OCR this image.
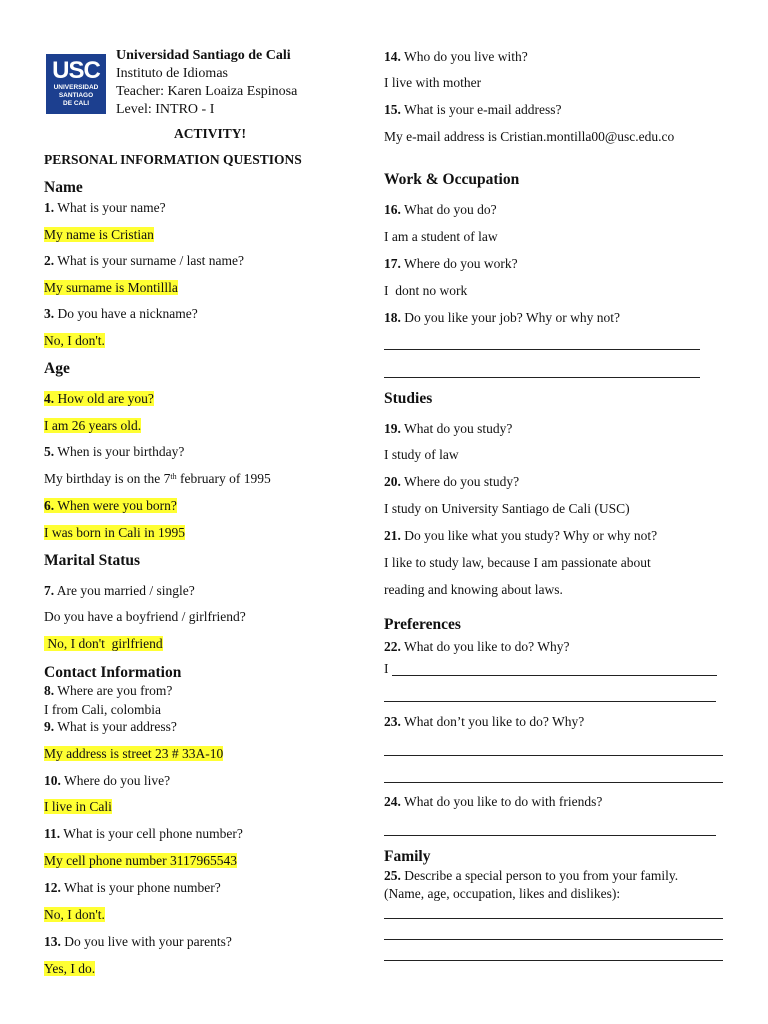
USC
UNIVERSIDAD
SANTIAGO
DE CALI
Universidad Santiago de Cali
Instituto de Idiomas
Teacher: Karen Loaiza Espinosa
Level: INTRO - I
ACTIVITY!
PERSONAL INFORMATION QUESTIONS
Name
1. What is your name?
My name is Cristian
2. What is your surname / last name?
My surname is Montillla
3. Do you have a nickname?
No, I don't.
Age
4. How old are you?
I am 26 years old.
5. When is your birthday?
My birthday is on the 7th february of 1995
6. When were you born?
I was born in Cali in 1995
Marital Status
7. Are you married / single?
Do you have a boyfriend / girlfriend?
No, I don't  girlfriend
Contact Information
8. Where are you from?
I from Cali, colombia
9. What is your address?
My address is street 23 # 33A-10
10. Where do you live?
I live in Cali
11. What is your cell phone number?
My cell phone number 3117965543
12. What is your phone number?
No, I don't.
13. Do you live with your parents?
Yes, I do.
14. Who do you live with?
I live with mother
15. What is your e-mail address?
My e-mail address is Cristian.montilla00@usc.edu.co
Work & Occupation
16. What do you do?
I am a student of law
17. Where do you work?
I  dont no work
18. Do you like your job? Why or why not?
Studies
19. What do you study?
I study of law
20. Where do you study?
I study on University Santiago de Cali (USC)
21. Do you like what you study? Why or why not?
I like to study law, because I am passionate about
reading and knowing about laws.
Preferences
22. What do you like to do? Why?
I
23. What don’t you like to do? Why?
24. What do you like to do with friends?
Family
25. Describe a special person to you from your family.
(Name, age, occupation, likes and dislikes):
